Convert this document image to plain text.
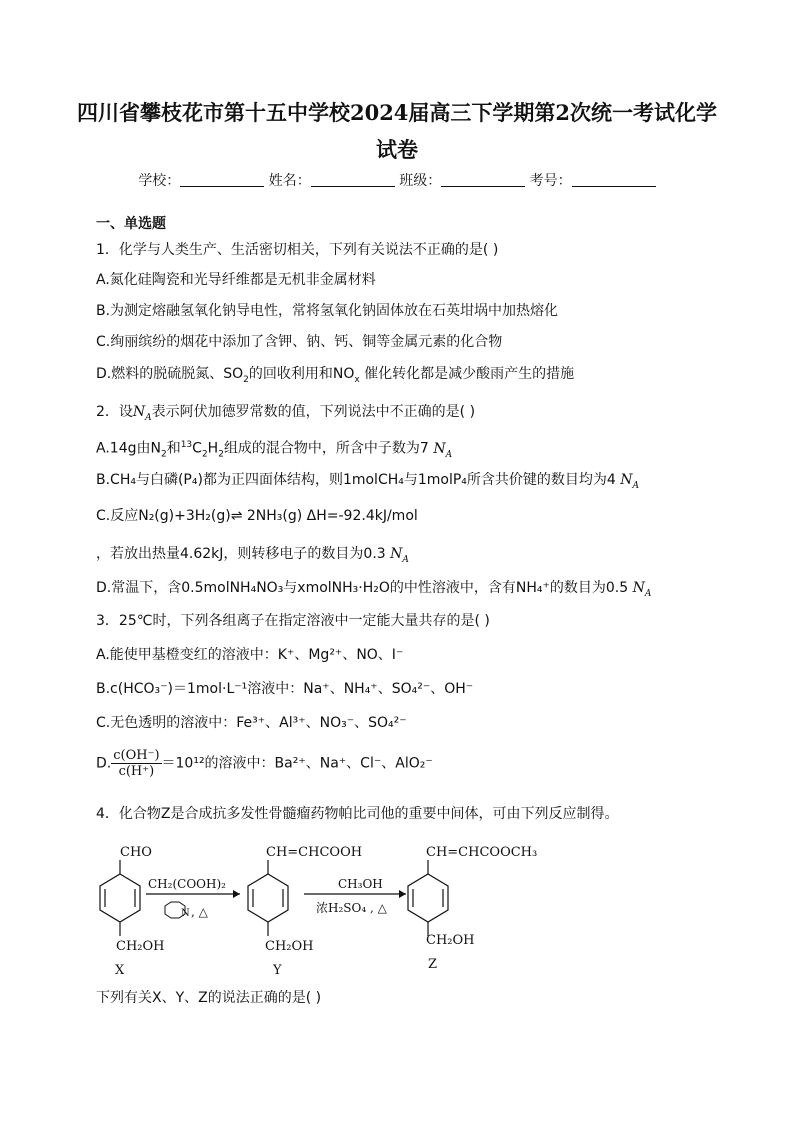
四川省攀枝花市第十五中学校2024届高三下学期第2次统一考试化学
试卷
学校：	姓名：	班级：	考号：
一、单选题
1．化学与人类生产、生活密切相关，下列有关说法不正确的是( )
A.氮化硅陶瓷和光导纤维都是无机非金属材料
B.为测定熔融氢氧化钠导电性，常将氢氧化钠固体放在石英坩埚中加热熔化
C.绚丽缤纷的烟花中添加了含钾、钠、钙、铜等金属元素的化合物
D.燃料的脱硫脱氮、$SO_2$的回收利用和$NO_x$ 催化转化都是减少酸雨产生的措施
2．设$N_A$表示阿伏加德罗常数的值，下列说法中不正确的是( )
A.14g由$N_2$和$^{13}C_2H_2$组成的混合物中，所含中子数为7 $N_A$
B.CH₄与白磷(P₄)都为正四面体结构，则1molCH₄与1molP₄所含共价键的数目均为4 $N_A$
C.反应N₂(g)+3H₂(g)⇌ 2NH₃(g) ΔH=-92.4kJ/mol
，若放出热量4.62kJ，则转移电子的数目为0.3 $N_A$
D.常温下，含0.5molNH₄NO₃与xmolNH₃·H₂O的中性溶液中，含有NH₄⁺的数目为0.5 $N_A$
3．25℃时，下列各组离子在指定溶液中一定能大量共存的是( )
A.能使甲基橙变红的溶液中：K⁺、Mg²⁺、NO、I⁻
B.c(HCO₃⁻)＝1mol·L⁻¹溶液中：Na⁺、NH₄⁺、SO₄²⁻、OH⁻
C.无色透明的溶液中：Fe³⁺、Al³⁺、NO₃⁻、SO₄²⁻
D. $\frac{c(OH^-)}{c(H^+)} =10^{12}$的溶液中：Ba²⁺、Na⁺、Cl⁻、AlO₂⁻
4．化合物Z是合成抗多发性骨髓瘤药物帕比司他的重要中间体，可由下列反应制得。
CHO
CH₂OH
X
CH₂(COOH)₂
N , △
CH=CHCOOH
CH₂OH
Y
CH₃OH
浓H₂SO₄ , △
CH=CHCOOCH₃
CH₂OH
Z
下列有关X、Y、Z的说法正确的是( )
